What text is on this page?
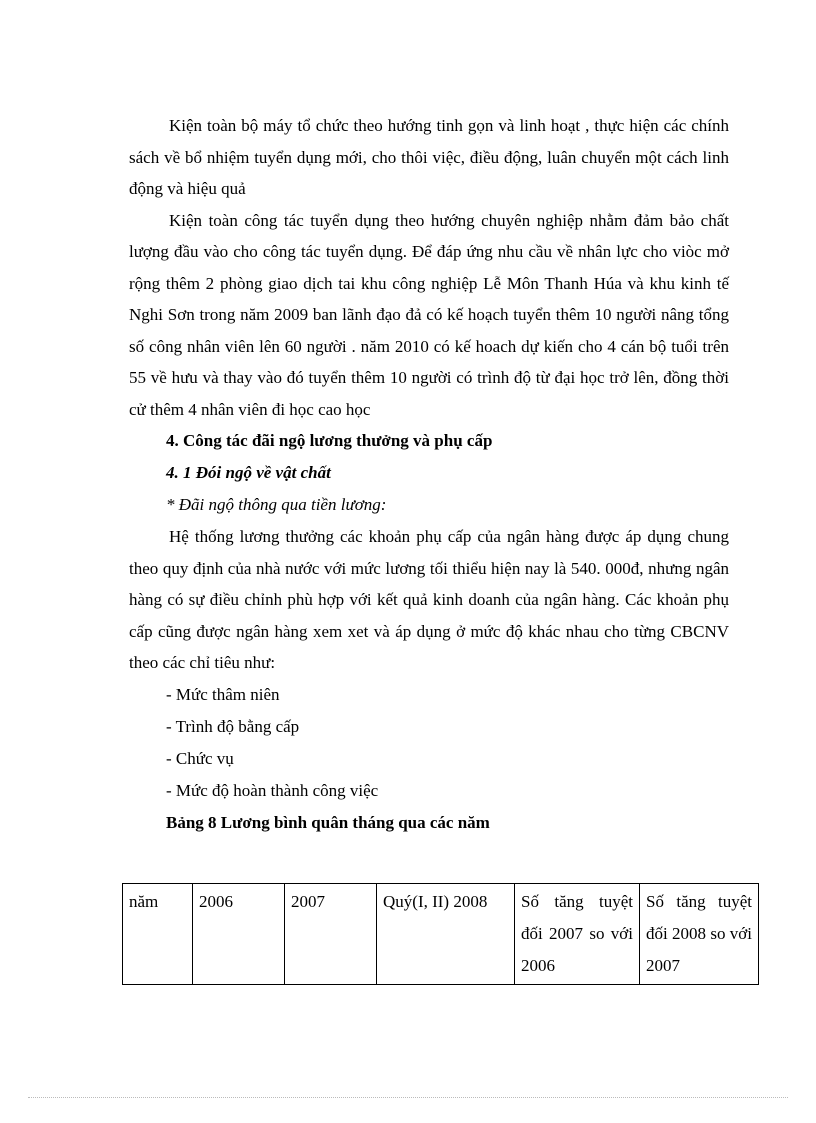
Kiện toàn bộ máy tổ chức theo hướng tinh gọn và linh hoạt , thực hiện các chính sách về bổ nhiệm tuyển dụng mới, cho thôi việc, điều động, luân chuyển một cách linh động và hiệu quả

Kiện toàn công tác tuyển dụng theo hướng chuyên nghiệp nhằm đảm bảo chất lượng đầu vào cho công tác tuyển dụng. Để đáp ứng nhu cầu về nhân lực cho viòc mở rộng thêm 2 phòng giao dịch tai khu công nghiệp Lễ Môn Thanh Húa và khu kinh tế Nghi Sơn trong năm 2009 ban lãnh đạo đả có kế hoạch tuyển thêm 10 người nâng tổng số công nhân viên lên 60 người . năm 2010 có kế hoach dự kiến cho 4 cán bộ tuổi trên 55 về hưu và thay vào đó tuyển thêm 10 người có trình độ từ đại học trở lên, đồng thời cử thêm 4 nhân viên đi học cao học

4. Công tác đãi ngộ lương thưởng và phụ cấp

4. 1 Đói ngộ về vật chất

* Đãi ngộ thông qua tiền lương:

Hệ thống lương thưởng các khoản phụ cấp của ngân hàng được áp dụng chung theo quy định của nhà nước với mức lương tối thiểu hiện nay là 540. 000đ, nhưng ngân hàng có sự điều chỉnh phù hợp với kết quả kinh doanh của ngân hàng. Các khoản phụ cấp cũng được ngân hàng xem xet và áp dụng ở mức độ khác nhau cho từng CBCNV theo các chỉ tiêu như:

- Mức thâm niên

- Trình độ bằng cấp

- Chức vụ

- Mức độ hoàn thành công việc

Bảng 8 Lương bình quân tháng qua các năm

năm	2006	2007	Quý(I, II) 2008	Số tăng tuyệt đối 2007 so với 2006	Số tăng tuyệt đối 2008 so với 2007
